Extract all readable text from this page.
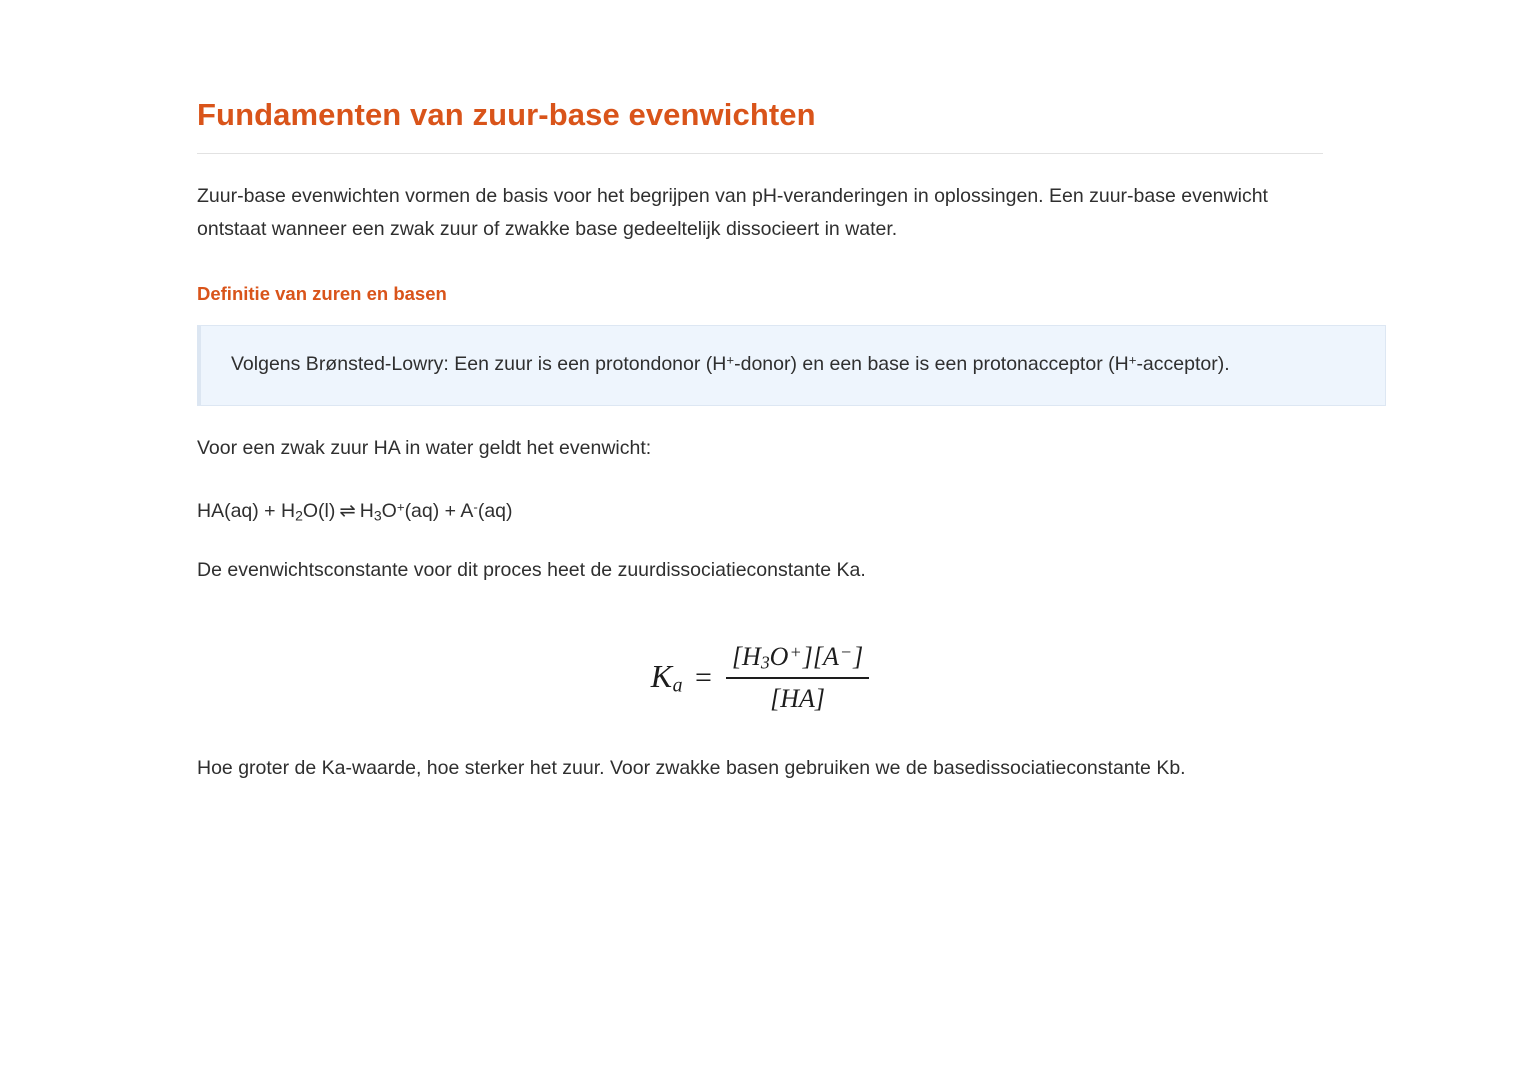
Fundamenten van zuur-base evenwichten

Zuur-base evenwichten vormen de basis voor het begrijpen van pH-veranderingen in oplossingen. Een zuur-base evenwicht ontstaat wanneer een zwak zuur of zwakke base gedeeltelijk dissocieert in water.

Definitie van zuren en basen
Volgens Brønsted-Lowry: Een zuur is een protondonor (H+-donor) en een base is een protonacceptor (H+-acceptor).

Voor een zwak zuur HA in water geldt het evenwicht:

$HA(aq) + H_2O(l)$ ⇌ $H_3O^+(aq) + A^-(aq)$

De evenwichtsconstante voor dit proces heet de zuurdissociatieconstante Ka.

$K_a = \frac{[H_3O^+][A^-]}{[HA]}$

Hoe groter de Ka-waarde, hoe sterker het zuur. Voor zwakke basen gebruiken we de basedissociatieconstante Kb.
